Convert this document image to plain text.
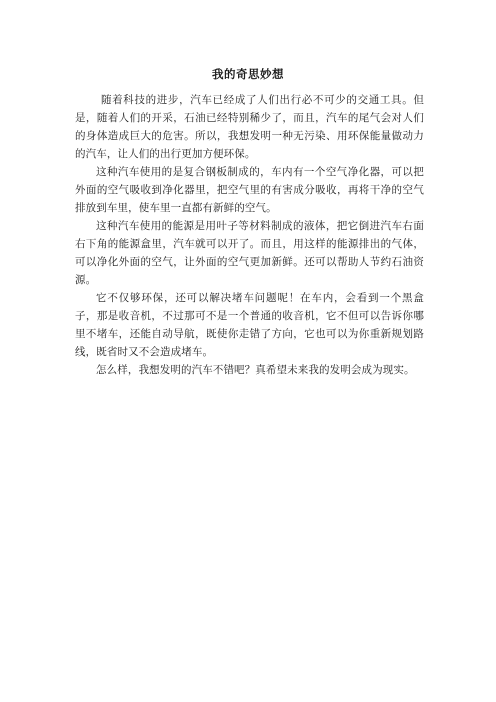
我的奇思妙想

随着科技的进步，汽车已经成了人们出行必不可少的交通工具。但是，随着人们的开采，石油已经特别稀少了，而且，汽车的尾气会对人们的身体造成巨大的危害。所以，我想发明一种无污染、用环保能量做动力的汽车，让人们的出行更加方便环保。

这种汽车使用的是复合钢板制成的，车内有一个空气净化器，可以把外面的空气吸收到净化器里，把空气里的有害成分吸收，再将干净的空气排放到车里，使车里一直都有新鲜的空气。

这种汽车使用的能源是用叶子等材料制成的液体，把它倒进汽车右面右下角的能源盒里，汽车就可以开了。而且，用这样的能源排出的气体，可以净化外面的空气，让外面的空气更加新鲜。还可以帮助人节约石油资源。

它不仅够环保，还可以解决堵车问题呢！在车内，会看到一个黑盒子，那是收音机，不过那可不是一个普通的收音机，它不但可以告诉你哪里不堵车，还能自动导航，既使你走错了方向，它也可以为你重新规划路线，既省时又不会造成堵车。

怎么样，我想发明的汽车不错吧？真希望未来我的发明会成为现实。
